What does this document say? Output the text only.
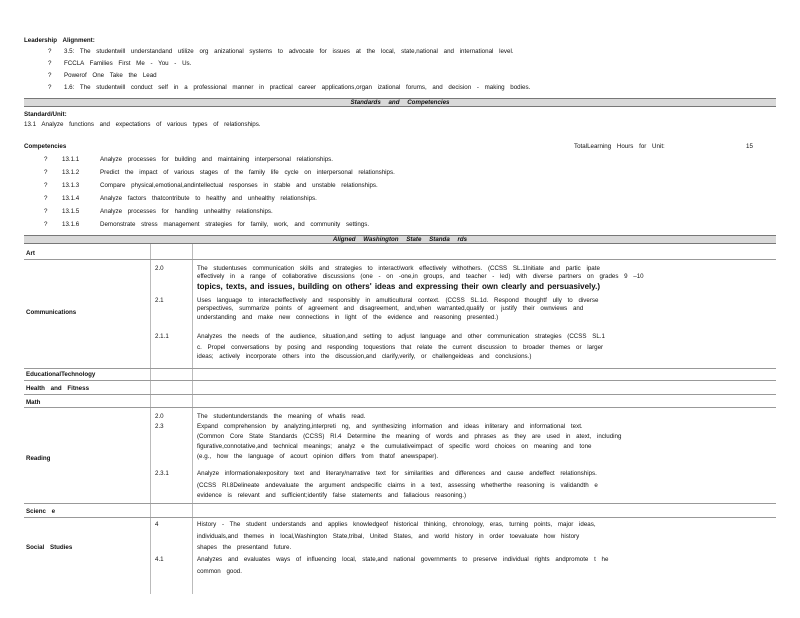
Leadership Alignment:
? 3.5: The studentwill understandand utilize org anizational systems to advocate for issues at the local, state,national and international level.
? FCCLA Families First Me - You - Us.
? Powerof One Take the Lead
? 1.6: The studentwill conduct self in a professional manner in practical career applications,organ izational forums, and decision - making bodies.
Standards and Competencies
Standard/Unit:
13.1 Analyze functions and expectations of various types of relationships.
Competencies	TotalLearning Hours for Unit:	15
? 13.1.1	Analyze processes for building and maintaining interpersonal relationships.
? 13.1.2	Predict the impact of various stages of the family life cycle on interpersonal relationships.
? 13.1.3	Compare physical,emotional,andintellectual responses in stable and unstable relationships.
? 13.1.4	Analyze factors thatcontribute to healthy and unhealthy relationships.
? 13.1.5	Analyze processes for handling unhealthy relationships.
? 13.1.6	Demonstrate stress management strategies for family, work, and community settings.
Aligned Washington State Standa rds
Art
Communications
2.0	The studentuses communication skills and strategies to interact/work effectively withothers. (CCSS SL.1Initiate and partic ipate
effectively in a range of collaborative discussions (one - on -one,in groups, and teacher - led) with diverse partners on grades 9 –10
topics, texts, and issues, building on others' ideas and expressing their own clearly and persuasively.)
2.1	Uses language to interacteffectively and responsibly in amulticultural context. (CCSS SL.1d. Respond thoughtf ully to diverse
perspectives, summarize points of agreement and disagreement, and,when warranted,qualify or justify their ownviews and
understanding and make new connections in light of the evidence and reasoning presented.)
2.1.1	Analyzes the needs of the audience, situation,and setting to adjust language and other communication strategies (CCSS SL.1
c. Propel conversations by posing and responding toquestions that relate the current discussion to broader themes or larger
ideas; actively incorporate others into the discussion,and clarify,verify, or challengeideas and conclusions.)
EducationalTechnology
Health and Fitness
Math
Reading
2.0	The studentunderstands the meaning of whatis read.
2.3	Expand comprehension by analyzing,interpreti ng, and synthesizing information and ideas inliterary and informational text.
(Common Core State Standards (CCSS) RI.4 Determine the meaning of words and phrases as they are used in atext, including
figurative,connotative,and technical meanings; analyz e the cumulativeimpact of specific word choices on meaning and tone
(e.g., how the language of acourt opinion differs from thatof anewspaper).
2.3.1	Analyze informationalexpository text and literary/narrative text for similarities and differences and cause andeffect relationships.
(CCSS RI.8Delineate andevaluate the argument andspecific claims in a text, assessing whetherthe reasoning is validandth e
evidence is relevant and sufficient;identify false statements and fallacious reasoning.)
Scienc e
Social Studies
4	History - The student understands and applies knowledgeof historical thinking, chronology, eras, turning points, major ideas,
individuals,and themes in local,Washington State,tribal, United States, and world history in order toevaluate how history
shapes the presentand future.
4.1	Analyzes and evaluates ways of influencing local, state,and national governments to preserve individual rights andpromote t he
common good.
